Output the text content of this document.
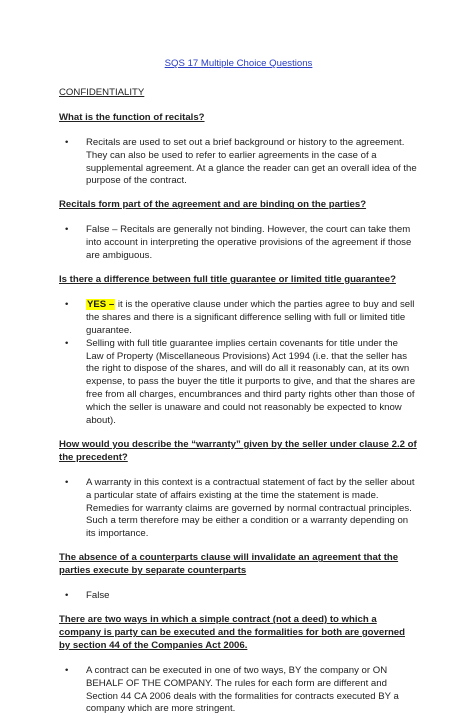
SQS 17 Multiple Choice Questions
CONFIDENTIALITY
What is the function of recitals?
• Recitals are used to set out a brief background or history to the agreement. They can also be used to refer to earlier agreements in the case of a supplemental agreement. At a glance the reader can get an overall idea of the purpose of the contract.
Recitals form part of the agreement and are binding on the parties?
• False – Recitals are generally not binding. However, the court can take them into account in interpreting the operative provisions of the agreement if those are ambiguous.
Is there a difference between full title guarantee or limited title guarantee?
• YES – it is the operative clause under which the parties agree to buy and sell the shares and there is a significant difference selling with full or limited title guarantee.
• Selling with full title guarantee implies certain covenants for title under the Law of Property (Miscellaneous Provisions) Act 1994 (i.e. that the seller has the right to dispose of the shares, and will do all it reasonably can, at its own expense, to pass the buyer the title it purports to give, and that the shares are free from all charges, encumbrances and third party rights other than those of which the seller is unaware and could not reasonably be expected to know about).
How would you describe the “warranty” given by the seller under clause 2.2 of the precedent?
• A warranty in this context is a contractual statement of fact by the seller about a particular state of affairs existing at the time the statement is made. Remedies for warranty claims are governed by normal contractual principles. Such a term therefore may be either a condition or a warranty depending on its importance.
The absence of a counterparts clause will invalidate an agreement that the parties execute by separate counterparts
• False
There are two ways in which a simple contract (not a deed) to which a company is party can be executed and the formalities for both are governed by section 44 of the Companies Act 2006.
• A contract can be executed in one of two ways, BY the company or ON BEHALF OF THE COMPANY. The rules for each form are different and Section 44 CA 2006 deals with the formalities for contracts executed BY a company which are more stringent.
